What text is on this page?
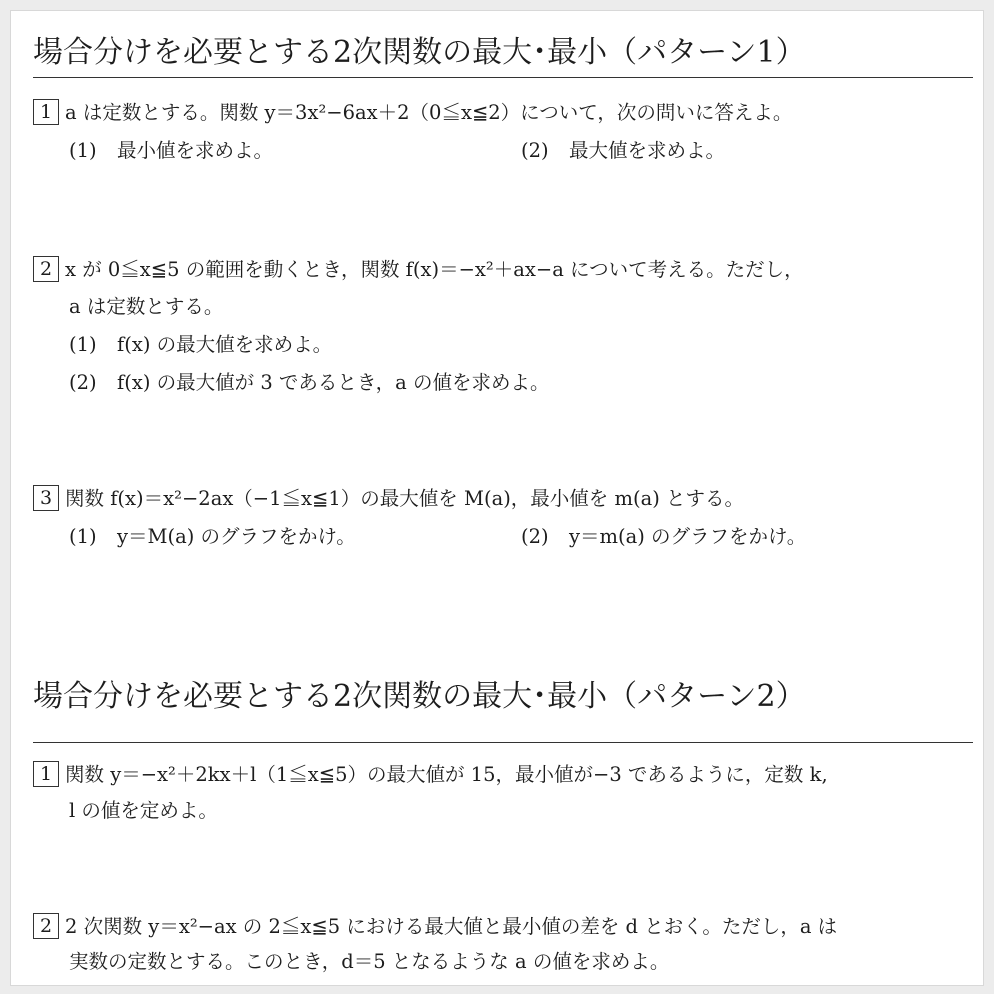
場合分けを必要とする2次関数の最大･最小（パターン1）
1 a は定数とする。関数 y＝3x²−6ax＋2（0≦x≦2）について，次の問いに答えよ。
(1) 最小値を求めよ。	(2) 最大値を求めよ。
2 x が 0≦x≦5 の範囲を動くとき，関数 f(x)＝−x²＋ax−a について考える。ただし，
a は定数とする。
(1) f(x) の最大値を求めよ。
(2) f(x) の最大値が 3 であるとき，a の値を求めよ。
3 関数 f(x)＝x²−2ax（−1≦x≦1）の最大値を M(a)，最小値を m(a) とする。
(1) y＝M(a) のグラフをかけ。	(2) y＝m(a) のグラフをかけ。
場合分けを必要とする2次関数の最大･最小（パターン2）
1 関数 y＝−x²＋2kx＋l（1≦x≦5）の最大値が 15，最小値が−3 であるように，定数 k,
l の値を定めよ。
2 2 次関数 y＝x²−ax の 2≦x≦5 における最大値と最小値の差を d とおく。ただし，a は
実数の定数とする。このとき，d＝5 となるような a の値を求めよ。
